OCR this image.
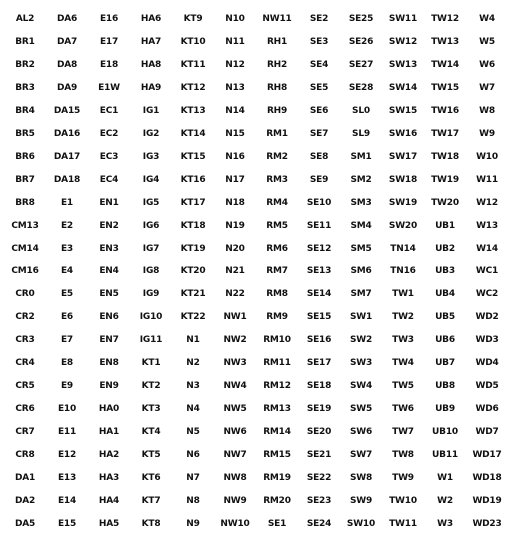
AL2	DA6	E16	HA6	KT9	N10	NW11	SE2	SE25	SW11	TW12	W4
BR1	DA7	E17	HA7	KT10	N11	RH1	SE3	SE26	SW12	TW13	W5
BR2	DA8	E18	HA8	KT11	N12	RH2	SE4	SE27	SW13	TW14	W6
BR3	DA9	E1W	HA9	KT12	N13	RH8	SE5	SE28	SW14	TW15	W7
BR4	DA15	EC1	IG1	KT13	N14	RH9	SE6	SL0	SW15	TW16	W8
BR5	DA16	EC2	IG2	KT14	N15	RM1	SE7	SL9	SW16	TW17	W9
BR6	DA17	EC3	IG3	KT15	N16	RM2	SE8	SM1	SW17	TW18	W10
BR7	DA18	EC4	IG4	KT16	N17	RM3	SE9	SM2	SW18	TW19	W11
BR8	E1	EN1	IG5	KT17	N18	RM4	SE10	SM3	SW19	TW20	W12
CM13	E2	EN2	IG6	KT18	N19	RM5	SE11	SM4	SW20	UB1	W13
CM14	E3	EN3	IG7	KT19	N20	RM6	SE12	SM5	TN14	UB2	W14
CM16	E4	EN4	IG8	KT20	N21	RM7	SE13	SM6	TN16	UB3	WC1
CR0	E5	EN5	IG9	KT21	N22	RM8	SE14	SM7	TW1	UB4	WC2
CR2	E6	EN6	IG10	KT22	NW1	RM9	SE15	SW1	TW2	UB5	WD2
CR3	E7	EN7	IG11	N1	NW2	RM10	SE16	SW2	TW3	UB6	WD3
CR4	E8	EN8	KT1	N2	NW3	RM11	SE17	SW3	TW4	UB7	WD4
CR5	E9	EN9	KT2	N3	NW4	RM12	SE18	SW4	TW5	UB8	WD5
CR6	E10	HA0	KT3	N4	NW5	RM13	SE19	SW5	TW6	UB9	WD6
CR7	E11	HA1	KT4	N5	NW6	RM14	SE20	SW6	TW7	UB10	WD7
CR8	E12	HA2	KT5	N6	NW7	RM15	SE21	SW7	TW8	UB11	WD17
DA1	E13	HA3	KT6	N7	NW8	RM19	SE22	SW8	TW9	W1	WD18
DA2	E14	HA4	KT7	N8	NW9	RM20	SE23	SW9	TW10	W2	WD19
DA5	E15	HA5	KT8	N9	NW10	SE1	SE24	SW10	TW11	W3	WD23
